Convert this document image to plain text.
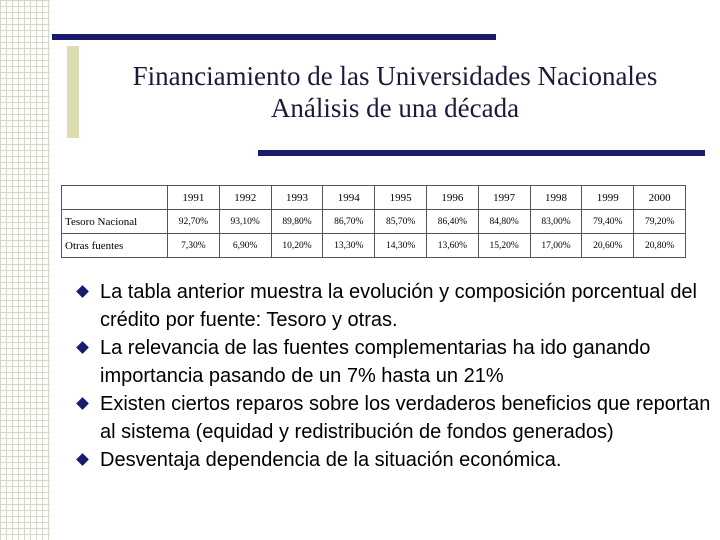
Financiamiento de las Universidades Nacionales
Análisis de una década
	1991	1992	1993	1994	1995	1996	1997	1998	1999	2000
Tesoro Nacional	92,70%	93,10%	89,80%	86,70%	85,70%	86,40%	84,80%	83,00%	79,40%	79,20%
Otras fuentes	7,30%	6,90%	10,20%	13,30%	14,30%	13,60%	15,20%	17,00%	20,60%	20,80%
La tabla anterior muestra la evolución y composición porcentual del crédito por fuente: Tesoro y otras.
La relevancia de las fuentes complementarias ha ido ganando importancia pasando de un 7% hasta un 21%
Existen ciertos reparos sobre los verdaderos beneficios que reportan al sistema (equidad y redistribución de fondos generados)
Desventaja dependencia de la situación económica.
